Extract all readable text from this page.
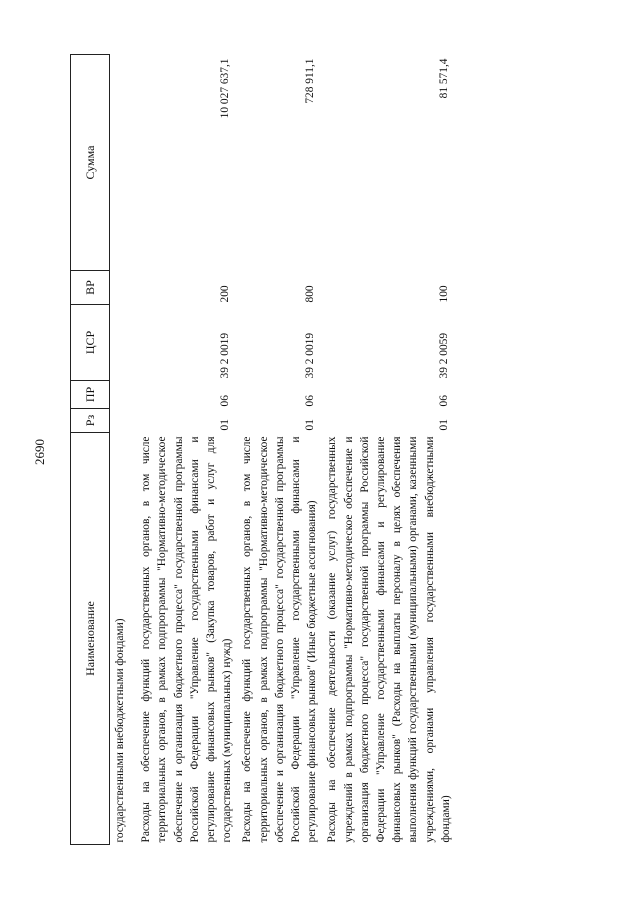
2690
Наименование	Рз	ПР	ЦСР	ВР	Сумма
государственными внебюджетными фондами)					
Расходы на обеспечение функций государственных органов, в том числе территориальных органов, в рамках подпрограммы "Нормативно-методическое обеспечение и организация бюджетного процесса" государственной программы Российской Федерации "Управление государственными финансами и регулирование финансовых рынков" (Закупка товаров, работ и услуг для государственных (муниципальных) нужд)	01	06	39 2 0019	200	10 027 637,1
Расходы на обеспечение функций государственных органов, в том числе территориальных органов, в рамках подпрограммы "Нормативно-методическое обеспечение и организация бюджетного процесса" государственной программы Российской Федерации "Управление государственными финансами и регулирование финансовых рынков" (Иные бюджетные ассигнования)	01	06	39 2 0019	800	728 911,1
Расходы на обеспечение деятельности (оказание услуг) государственных учреждений в рамках подпрограммы "Нормативно-методическое обеспечение и организация бюджетного процесса" государственной программы Российской Федерации "Управление государственными финансами и регулирование финансовых рынков" (Расходы на выплаты персоналу в целях обеспечения выполнения функций государственными (муниципальными) органами, казенными учреждениями, органами управления государственными внебюджетными фондами)	01	06	39 2 0059	100	81 571,4
